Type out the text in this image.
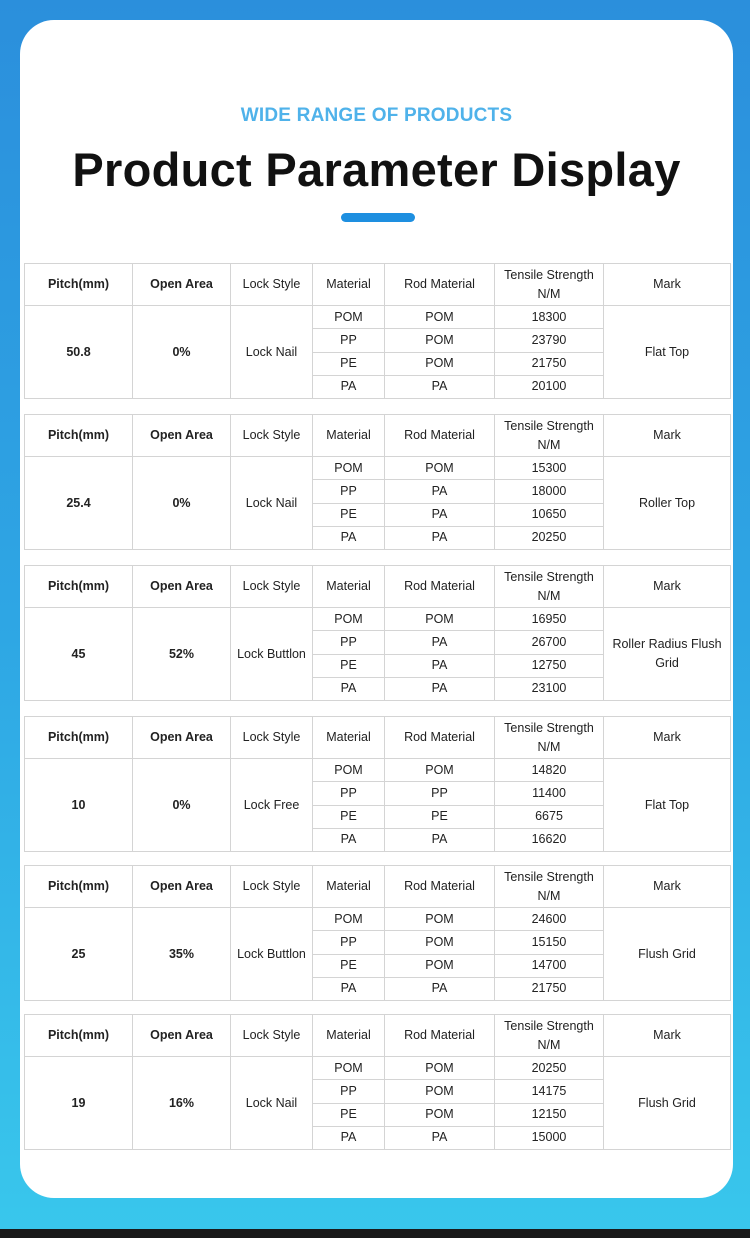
WIDE RANGE OF PRODUCTS
Product Parameter Display
Pitch(mm)	Open Area	Lock Style	Material	Rod Material	Tensile Strength N/M	Mark
50.8	0%	Lock Nail	POM	POM	18300	Flat Top
			PP	POM	23790	
			PE	POM	21750	
			PA	PA	20100	
Pitch(mm)	Open Area	Lock Style	Material	Rod Material	Tensile Strength N/M	Mark
25.4	0%	Lock Nail	POM	POM	15300	Roller Top
			PP	PA	18000	
			PE	PA	10650	
			PA	PA	20250	
Pitch(mm)	Open Area	Lock Style	Material	Rod Material	Tensile Strength N/M	Mark
45	52%	Lock Buttlon	POM	POM	16950	Roller Radius Flush Grid
			PP	PA	26700	
			PE	PA	12750	
			PA	PA	23100	
Pitch(mm)	Open Area	Lock Style	Material	Rod Material	Tensile Strength N/M	Mark
10	0%	Lock Free	POM	POM	14820	Flat Top
			PP	PP	11400	
			PE	PE	6675	
			PA	PA	16620	
Pitch(mm)	Open Area	Lock Style	Material	Rod Material	Tensile Strength N/M	Mark
25	35%	Lock Buttlon	POM	POM	24600	Flush Grid
			PP	POM	15150	
			PE	POM	14700	
			PA	PA	21750	
Pitch(mm)	Open Area	Lock Style	Material	Rod Material	Tensile Strength N/M	Mark
19	16%	Lock Nail	POM	POM	20250	Flush Grid
			PP	POM	14175	
			PE	POM	12150	
			PA	PA	15000	
